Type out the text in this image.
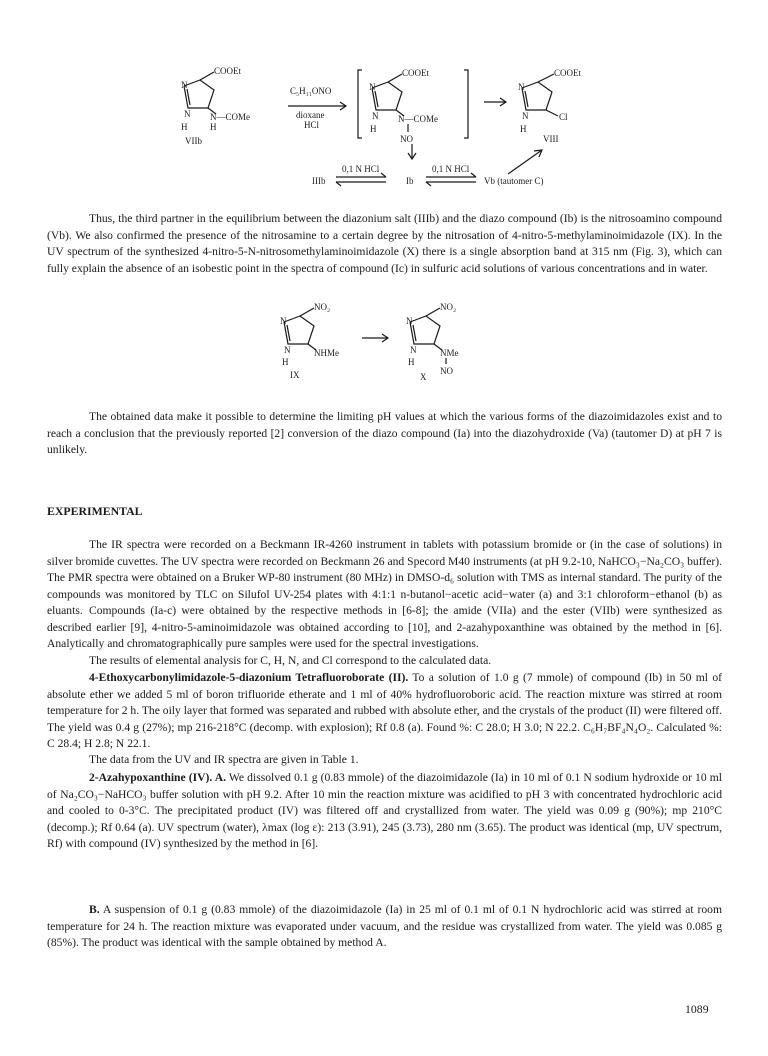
N
COOEt
N N—COMe
H	H
VIIb
C₅H₁₁ONO
dioxane
HCl
N
COOEt
N N—COMe
H
NO
N
COOEt
N	Cl
H
VIII
IIIb
0,1 N HCl
Ib
0,1 N HCl
Vb (tautomer C)
Thus, the third partner in the equilibrium between the diazonium salt (IIIb) and the diazo compound (Ib) is the nitrosoamino compound (Vb). We also confirmed the presence of the nitrosamine to a certain degree by the nitrosation of 4-nitro-5-methylaminoimidazole (IX). In the UV spectrum of the synthesized 4-nitro-5-N-nitrosomethylaminoimidazole (X) there is a single absorption band at 315 nm (Fig. 3), which can fully explain the absence of an isobestic point in the spectra of compound (Ic) in sulfuric acid solutions of various concentrations and in water.
N
NO₂
N	NHMe
H
IX
N
NO₂
N	NMe
H
NO
X
The obtained data make it possible to determine the limiting pH values at which the various forms of the diazoimidazoles exist and to reach a conclusion that the previously reported [2] conversion of the diazo compound (Ia) into the diazohydroxide (Va) (tautomer D) at pH 7 is unlikely.
EXPERIMENTAL
The IR spectra were recorded on a Beckmann IR-4260 instrument in tablets with potassium bromide or (in the case of solutions) in silver bromide cuvettes. The UV spectra were recorded on Beckmann 26 and Specord M40 instruments (at pH 9.2-10, NaHCO₃−Na₂CO₃ buffer). The PMR spectra were obtained on a Bruker WP-80 instrument (80 MHz) in DMSO-d₆ solution with TMS as internal standard. The purity of the compounds was monitored by TLC on Silufol UV-254 plates with 4:1:1 n-butanol−acetic acid−water (a) and 3:1 chloroform−ethanol (b) as eluants. Compounds (Ia-c) were obtained by the respective methods in [6-8]; the amide (VIIa) and the ester (VIIb) were synthesized as described earlier [9], 4-nitro-5-aminoimidazole was obtained according to [10], and 2-azahypoxanthine was obtained by the method in [6]. Analytically and chromatographically pure samples were used for the spectral investigations.
The results of elemental analysis for C, H, N, and Cl correspond to the calculated data.
4-Ethoxycarbonylimidazole-5-diazonium Tetrafluoroborate (II). To a solution of 1.0 g (7 mmole) of compound (Ib) in 50 ml of absolute ether we added 5 ml of boron trifluoride etherate and 1 ml of 40% hydrofluoroboric acid. The reaction mixture was stirred at room temperature for 2 h. The oily layer that formed was separated and rubbed with absolute ether, and the crystals of the product (II) were filtered off. The yield was 0.4 g (27%); mp 216-218°C (decomp. with explosion); Rf 0.8 (a). Found %: C 28.0; H 3.0; N 22.2. C₆H₇BF₄N₄O₂. Calculated %: C 28.4; H 2.8; N 22.1.
The data from the UV and IR spectra are given in Table 1.
2-Azahypoxanthine (IV). A. We dissolved 0.1 g (0.83 mmole) of the diazoimidazole (Ia) in 10 ml of 0.1 N sodium hydroxide or 10 ml of Na₂CO₃−NaHCO₃ buffer solution with pH 9.2. After 10 min the reaction mixture was acidified to pH 3 with concentrated hydrochloric acid and cooled to 0-3°C. The precipitated product (IV) was filtered off and crystallized from water. The yield was 0.09 g (90%); mp 210°C (decomp.); Rf 0.64 (a). UV spectrum (water), λmax (log ε): 213 (3.91), 245 (3.73), 280 nm (3.65). The product was identical (mp, UV spectrum, Rf) with compound (IV) synthesized by the method in [6].
B. A suspension of 0.1 g (0.83 mmole) of the diazoimidazole (Ia) in 25 ml of 0.1 ml of 0.1 N hydrochloric acid was stirred at room temperature for 24 h. The reaction mixture was evaporated under vacuum, and the residue was crystallized from water. The yield was 0.085 g (85%). The product was identical with the sample obtained by method A.
1089
